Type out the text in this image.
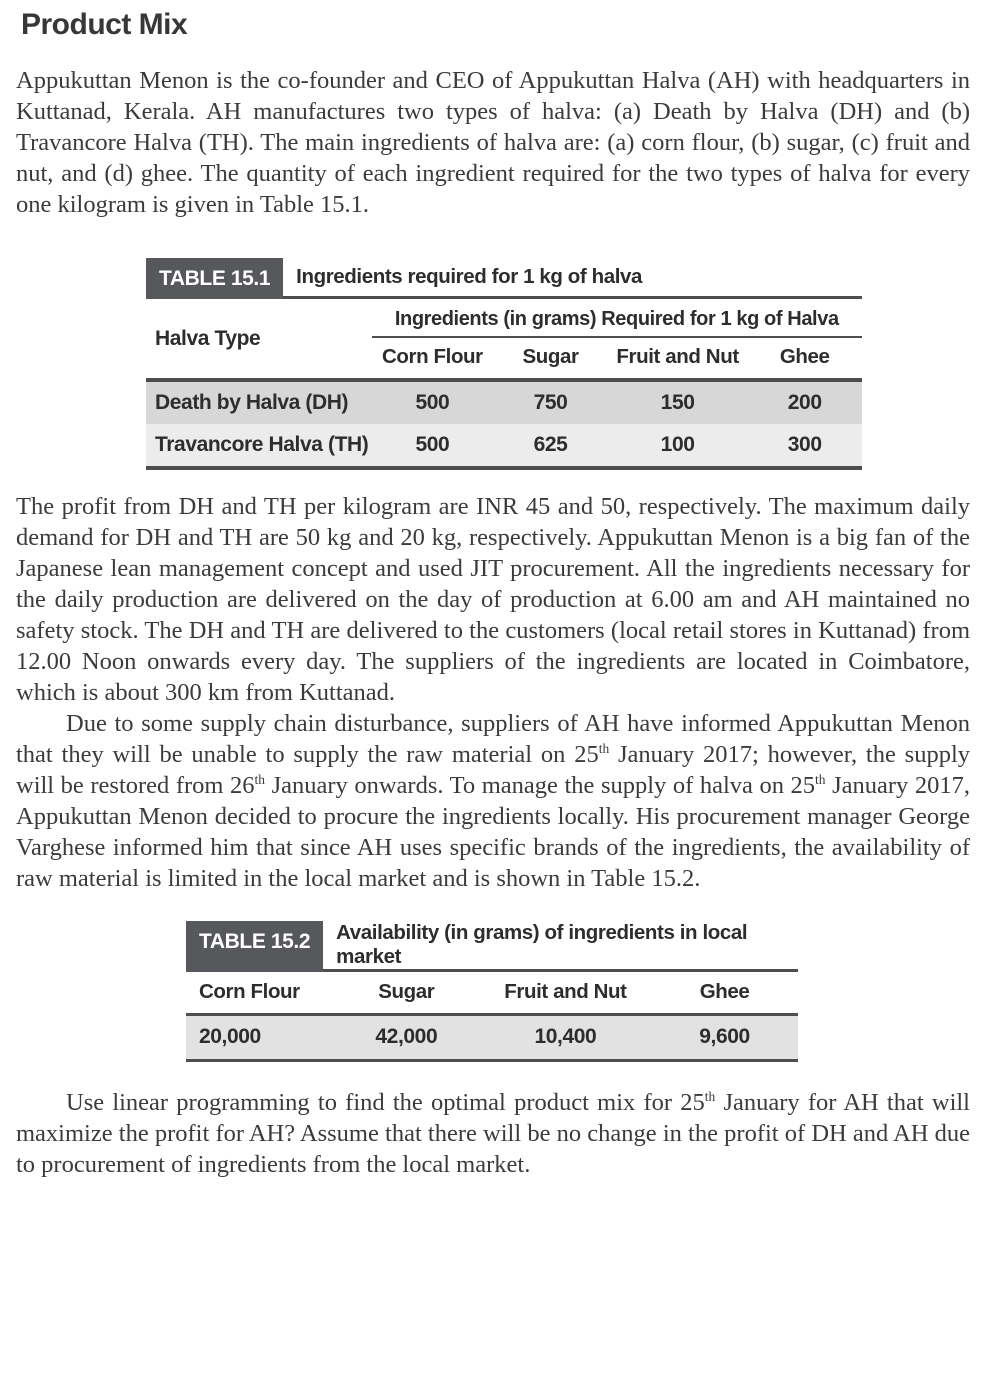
Product Mix

Appukuttan Menon is the co-founder and CEO of Appukuttan Halva (AH) with headquarters in Kuttanad, Kerala. AH manufactures two types of halva: (a) Death by Halva (DH) and (b) Travancore Halva (TH). The main ingredients of halva are: (a) corn flour, (b) sugar, (c) fruit and nut, and (d) ghee. The quantity of each ingredient required for the two types of halva for every one kilogram is given in Table 15.1.

TABLE 15.1	Ingredients required for 1 kg of halva
Halva Type	Ingredients (in grams) Required for 1 kg of Halva			
	Corn Flour	Sugar	Fruit and Nut	Ghee
Death by Halva (DH)	500	750	150	200
Travancore Halva (TH)	500	625	100	300

The profit from DH and TH per kilogram are INR 45 and 50, respectively. The maximum daily demand for DH and TH are 50 kg and 20 kg, respectively. Appukuttan Menon is a big fan of the Japanese lean management concept and used JIT procurement. All the ingredients necessary for the daily production are delivered on the day of production at 6.00 am and AH maintained no safety stock. The DH and TH are delivered to the customers (local retail stores in Kuttanad) from 12.00 Noon onwards every day. The suppliers of the ingredients are located in Coimbatore, which is about 300 km from Kuttanad.

Due to some supply chain disturbance, suppliers of AH have informed Appukuttan Menon that they will be unable to supply the raw material on 25th January 2017; however, the supply will be restored from 26th January onwards. To manage the supply of halva on 25th January 2017, Appukuttan Menon decided to procure the ingredients locally. His procurement manager George Varghese informed him that since AH uses specific brands of the ingredients, the availability of raw material is limited in the local market and is shown in Table 15.2.

TABLE 15.2	Availability (in grams) of ingredients in local market
Corn Flour	Sugar	Fruit and Nut	Ghee
20,000	42,000	10,400	9,600

Use linear programming to find the optimal product mix for 25th January for AH that will maximize the profit for AH? Assume that there will be no change in the profit of DH and AH due to procurement of ingredients from the local market.
